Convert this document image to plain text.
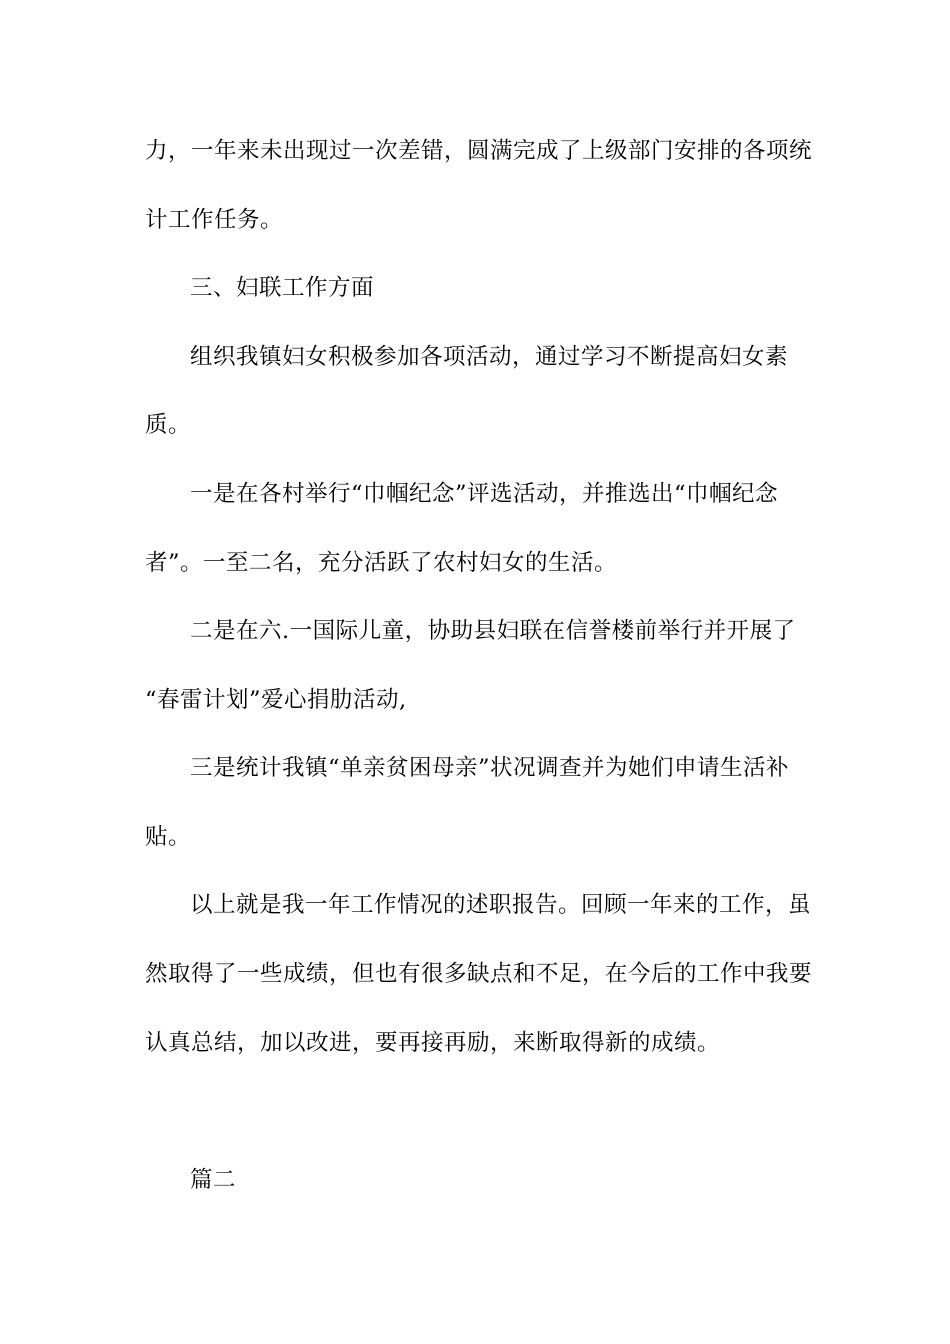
力，一年来未出现过一次差错，圆满完成了上级部门安排的各项统
计工作任务。
三、妇联工作方面
组织我镇妇女积极参加各项活动，通过学习不断提高妇女素
质。
一是在各村举行“巾帼纪念”评选活动，并推选出“巾帼纪念
者”。一至二名，充分活跃了农村妇女的生活。
二是在六.一国际儿童，协助县妇联在信誉楼前举行并开展了
“春雷计划”爱心捐肋活动,
三是统计我镇“单亲贫困母亲”状况调查并为她们申请生活补
贴。
以上就是我一年工作情况的述职报告。回顾一年来的工作，虽
然取得了一些成绩，但也有很多缺点和不足，在今后的工作中我要
认真总结，加以改进，要再接再励，来断取得新的成绩。
篇二
